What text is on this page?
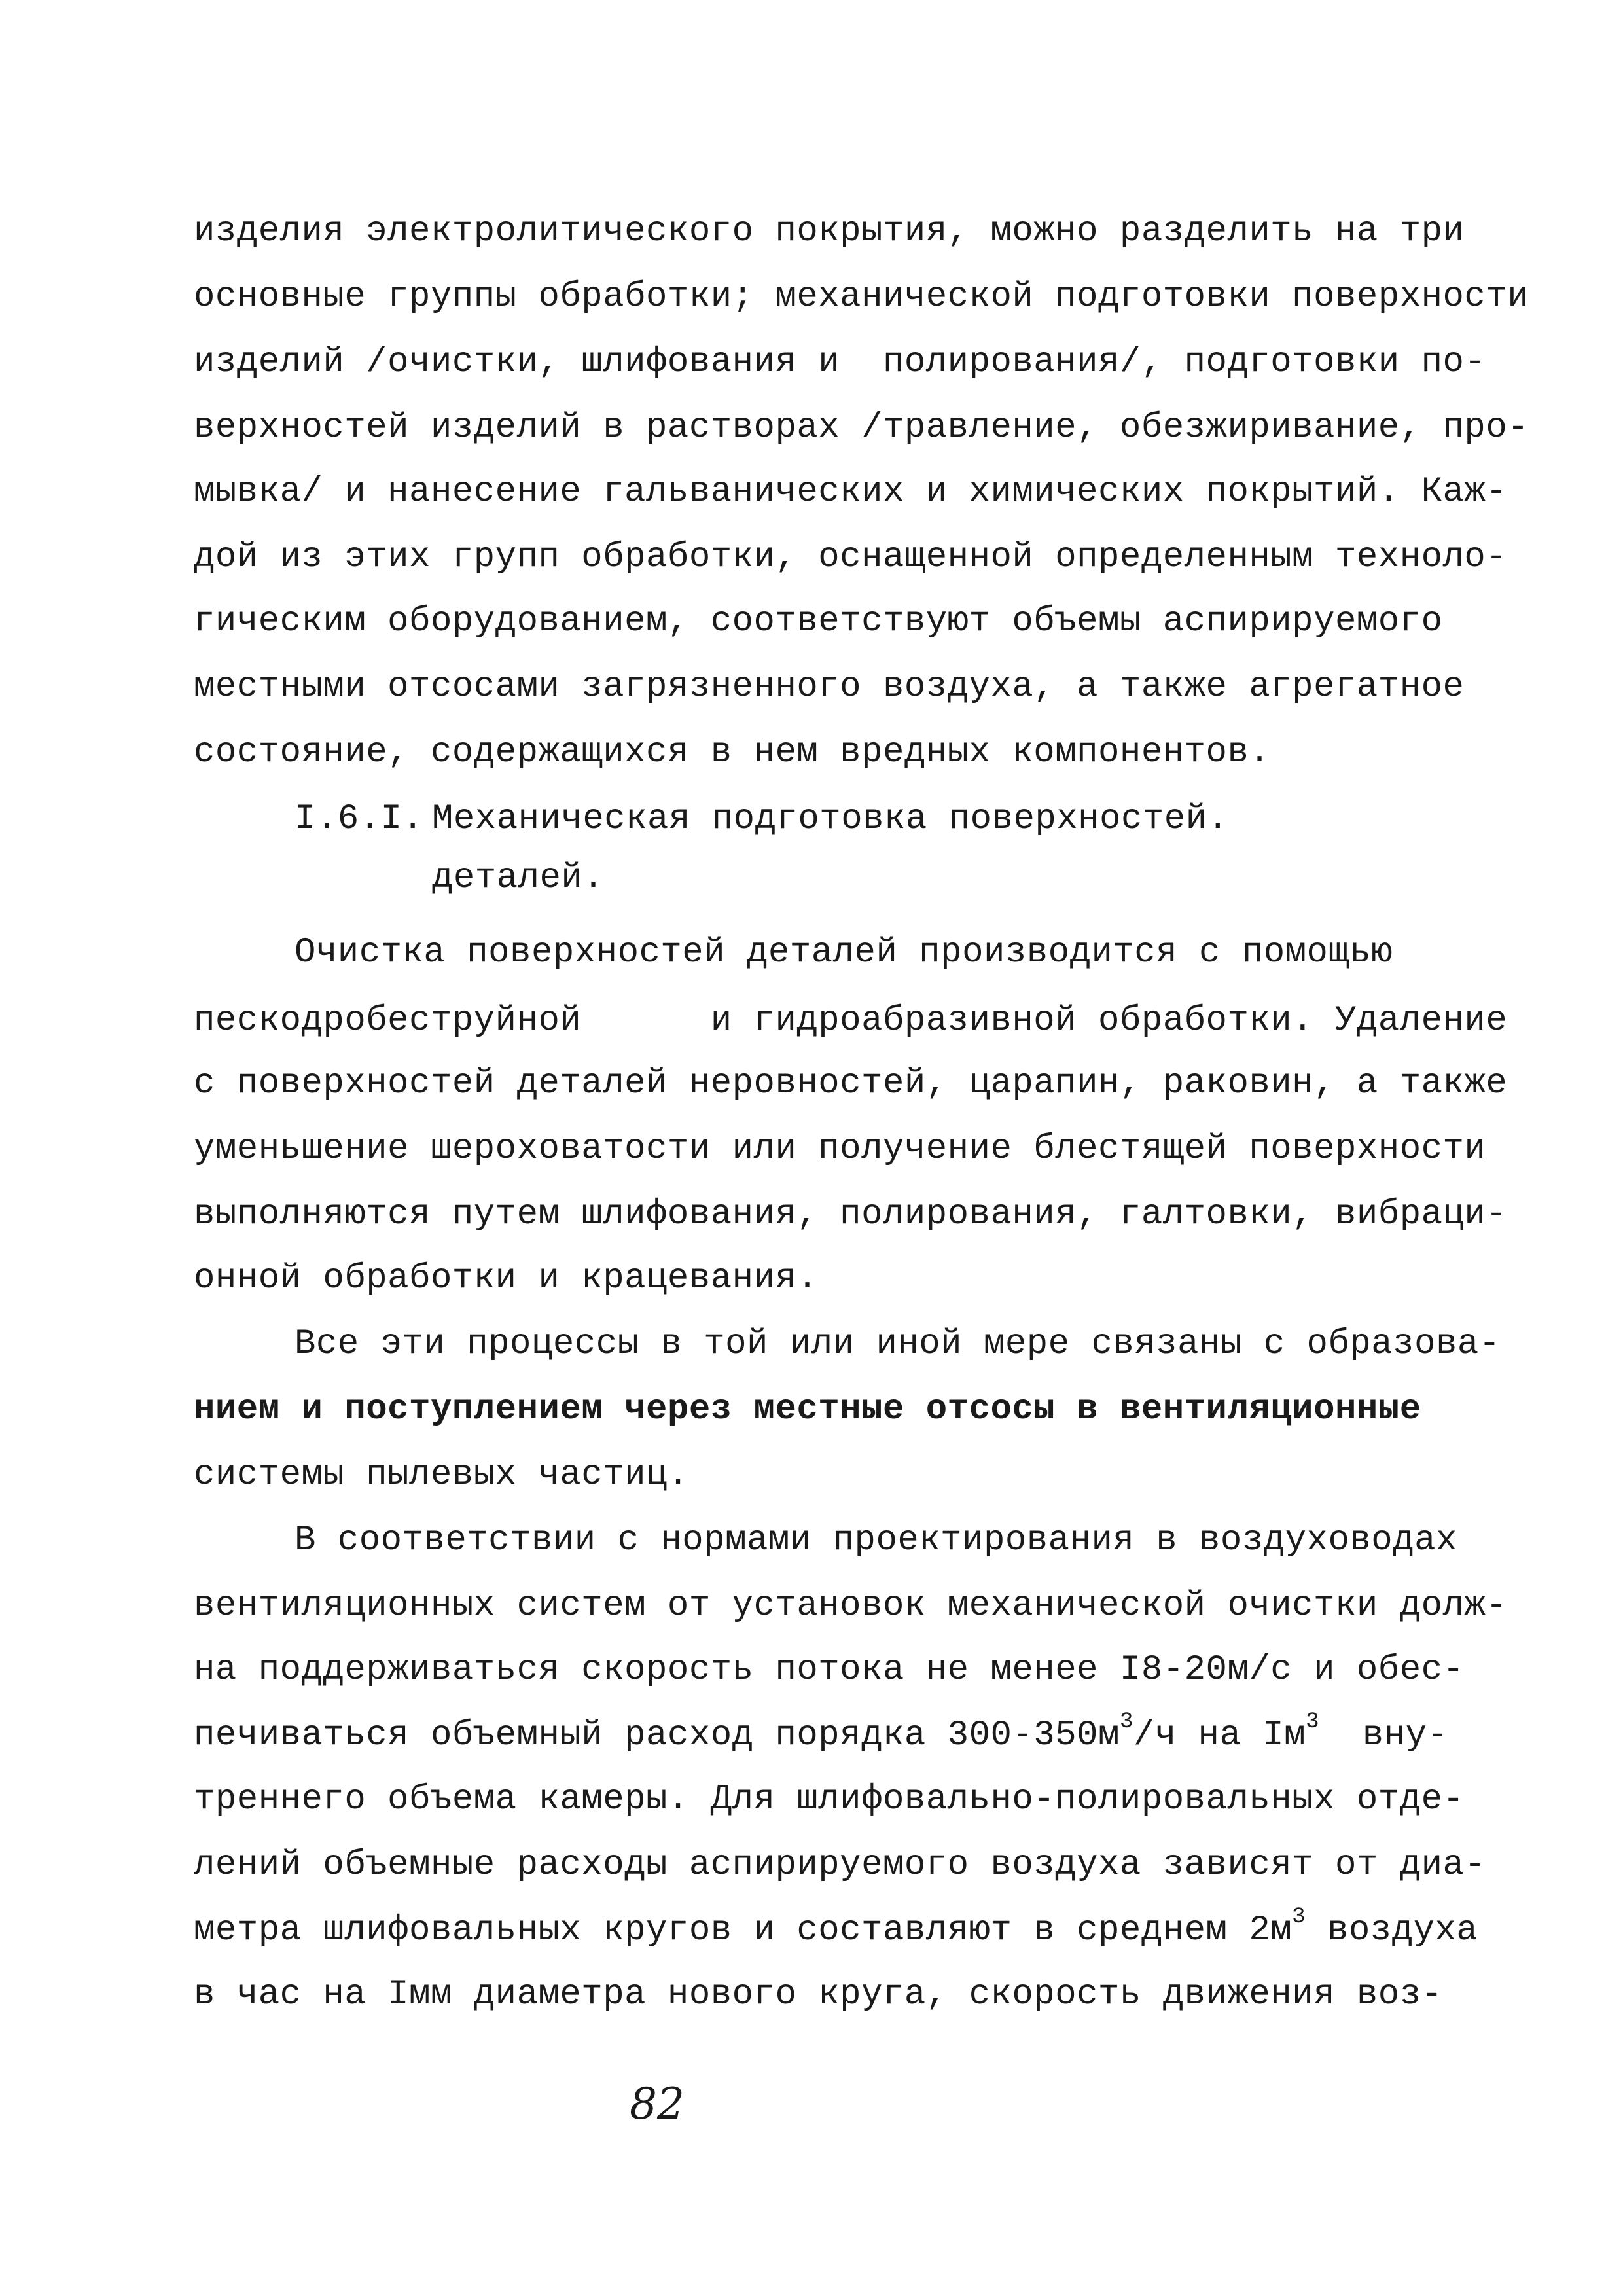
изделия электролитического покрытия, можно разделить на три
основные группы обработки; механической подготовки поверхности
изделий /очистки, шлифования и  полирования/, подготовки по-
верхностей изделий в растворах /травление, обезжиривание, про-
мывка/ и нанесение гальванических и химических покрытий. Каж-
дой из этих групп обработки, оснащенной определенным техноло-
гическим оборудованием, соответствуют объемы аспирируемого
местными отсосами загрязненного воздуха, а также агрегатное
состояние, содержащихся в нем вредных компонентов.
I.6.I. Механическая подготовка поверхностей.
деталей.
Очистка поверхностей деталей производится с помощью
пескодробеструйной      и гидроабразивной обработки. Удаление
с поверхностей деталей неровностей, царапин, раковин, а также
уменьшение шероховатости или получение блестящей поверхности
выполняются путем шлифования, полирования, галтовки, вибраци-
онной обработки и крацевания.
Все эти процессы в той или иной мере связаны с образова-
нием и поступлением через местные отсосы в вентиляционные
системы пылевых частиц.
В соответствии с нормами проектирования в воздуховодах
вентиляционных систем от установок механической очистки долж-
на поддерживаться скорость потока не менее I8-20м/с и обес-
печиваться объемный расход порядка $300-350м^3/ч$ на $Iм^3$  вну-
треннего объема камеры. Для шлифовально-полировальных отде-
лений объемные расходы аспирируемого воздуха зависят от диа-
метра шлифовальных кругов и составляют в среднем $2м^3$ воздуха
в час на Iмм диаметра нового круга, скорость движения воз-
82
